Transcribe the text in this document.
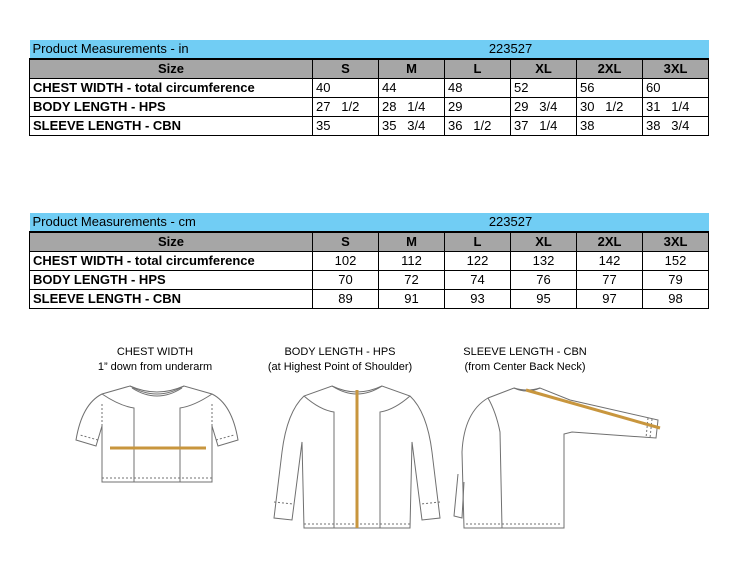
Product Measurements - in			223527			
Size	S	M	L	XL	2XL	3XL
CHEST WIDTH - total circumference	40	44	48	52	56	60
BODY LENGTH - HPS	27   1/2	28   1/4	29	29   3/4	30   1/2	31   1/4
SLEEVE LENGTH - CBN	35	35   3/4	36   1/2	37   1/4	38	38   3/4
Product Measurements - cm			223527			
Size	S	M	L	XL	2XL	3XL
CHEST WIDTH - total circumference	102	112	122	132	142	152
BODY LENGTH - HPS	70	72	74	76	77	79
SLEEVE LENGTH - CBN	89	91	93	95	97	98
CHEST WIDTH
1” down from underarm
BODY LENGTH - HPS
(at Highest Point of Shoulder)
SLEEVE LENGTH - CBN
(from Center Back Neck)
